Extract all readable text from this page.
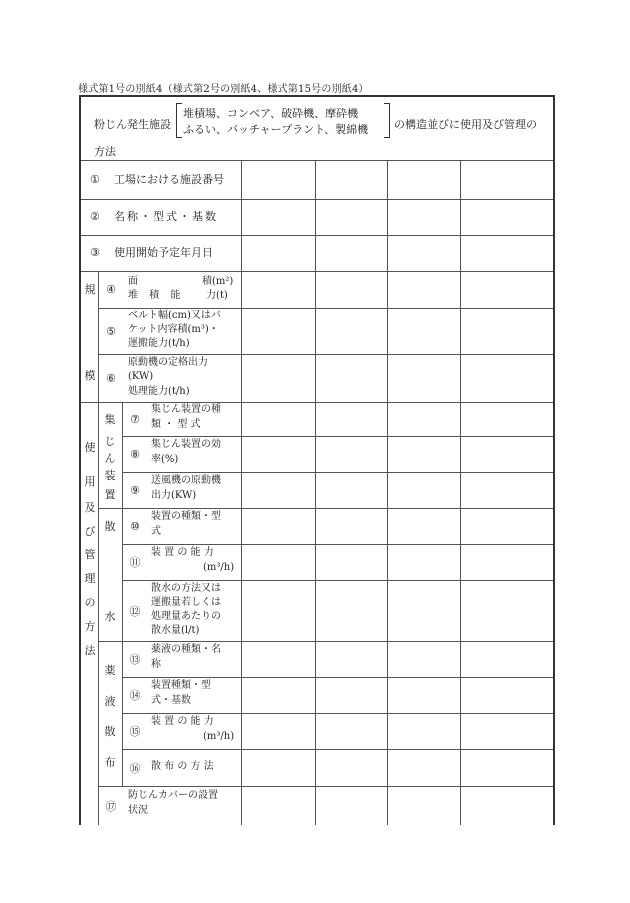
様式第1号の別紙4（様式第2号の別紙4、様式第15号の別紙4）
粉じん発生施設
堆積場、コンベア、破砕機、摩砕機
ふるい、バッチャープラント、製綿機 の構造並びに使用及び管理の
方法
① 工場における施設番号
② 名称・型式・基数
③ 使用開始予定年月日
規
模
④
面	積(m²)
堆 積 能 力(t)
⑤
ベルト幅(cm)又はバ
ケット内容積(m³)・
運搬能力(t/h)
⑥
原動機の定格出力
(KW)
処理能力(t/h)
使
用
及
び
管
理
の
方
法
集
じ
ん
装
置
⑦
集じん装置の種
類 ・ 型 式
⑧
集じん装置の効
率(%)
⑨
送風機の原動機
出力(KW)
散
水
⑩
装置の種類・型
式
⑪
装 置 の 能 力
(m³/h)
⑫
散水の方法又は
運搬量若しくは
処理量あたりの
散水量(l/t)
薬
液
散
布
⑬
薬液の種類・名
称
⑭
装置種類・型
式・基数
⑮
装 置 の 能 力
(m³/h)
⑯	散 布 の 方 法
⑰
防じんカバーの設置
状況
